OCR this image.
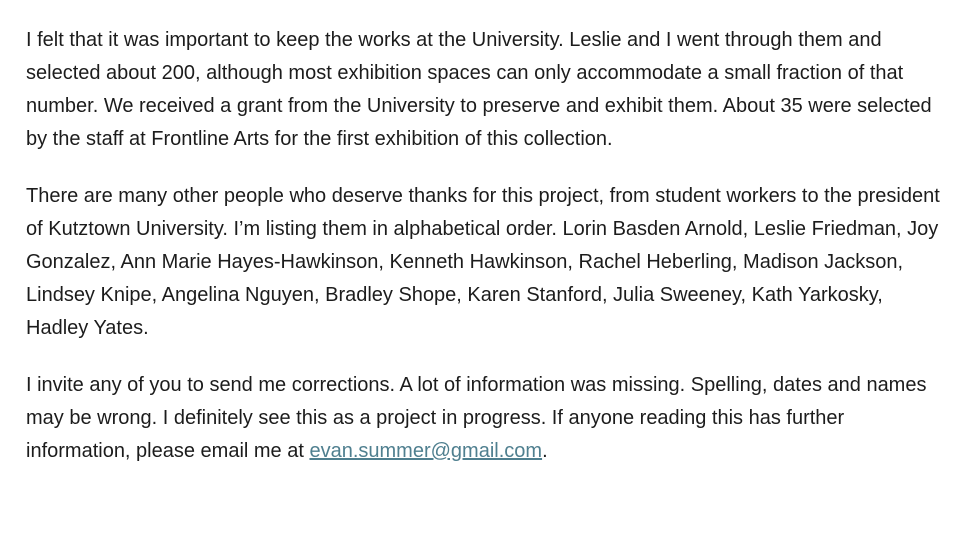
I felt that it was important to keep the works at the University. Leslie and I went through them and selected about 200, although most exhibition spaces can only accommodate a small fraction of that number. We received a grant from the University to preserve and exhibit them. About 35 were selected by the staff at Frontline Arts for the first exhibition of this collection.

There are many other people who deserve thanks for this project, from student workers to the president of Kutztown University. I’m listing them in alphabetical order. Lorin Basden Arnold, Leslie Friedman, Joy Gonzalez, Ann Marie Hayes-Hawkinson, Kenneth Hawkinson, Rachel Heberling, Madison Jackson, Lindsey Knipe, Angelina Nguyen, Bradley Shope, Karen Stanford, Julia Sweeney, Kath Yarkosky, Hadley Yates.

I invite any of you to send me corrections. A lot of information was missing. Spelling, dates and names may be wrong. I definitely see this as a project in progress. If anyone reading this has further information, please email me at evan.summer@gmail.com.
